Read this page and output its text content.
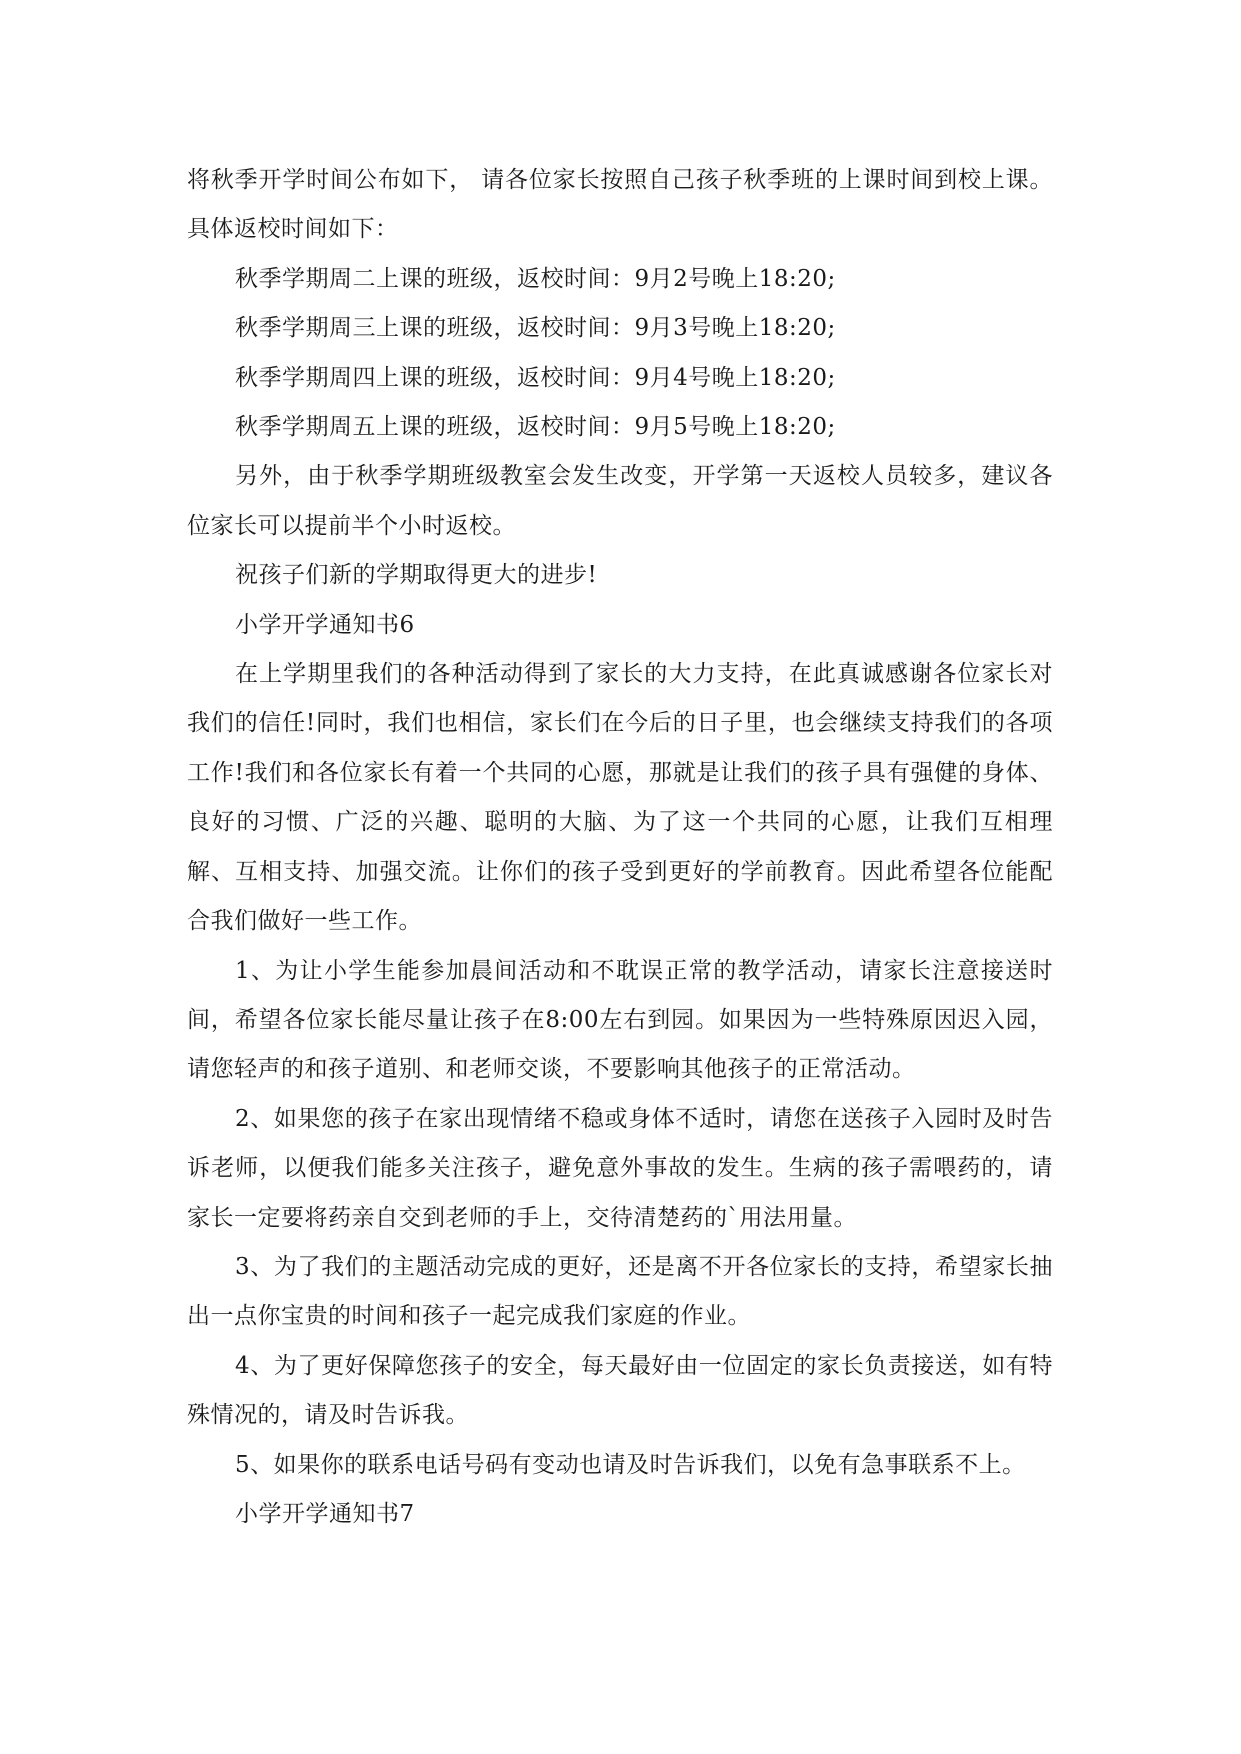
将秋季开学时间公布如下， 请各位家长按照自己孩子秋季班的上课时间到校上课。具体返校时间如下：

秋季学期周二上课的班级，返校时间：9月2号晚上18:20;

秋季学期周三上课的班级，返校时间：9月3号晚上18:20;

秋季学期周四上课的班级，返校时间：9月4号晚上18:20;

秋季学期周五上课的班级，返校时间：9月5号晚上18:20;

另外，由于秋季学期班级教室会发生改变，开学第一天返校人员较多，建议各位家长可以提前半个小时返校。

祝孩子们新的学期取得更大的进步!

小学开学通知书6

在上学期里我们的各种活动得到了家长的大力支持，在此真诚感谢各位家长对我们的信任!同时，我们也相信，家长们在今后的日子里，也会继续支持我们的各项工作!我们和各位家长有着一个共同的心愿，那就是让我们的孩子具有强健的身体、良好的习惯、广泛的兴趣、聪明的大脑、为了这一个共同的心愿，让我们互相理解、互相支持、加强交流。让你们的孩子受到更好的学前教育。因此希望各位能配合我们做好一些工作。

1、为让小学生能参加晨间活动和不耽误正常的教学活动，请家长注意接送时间，希望各位家长能尽量让孩子在8:00左右到园。如果因为一些特殊原因迟入园，请您轻声的和孩子道别、和老师交谈，不要影响其他孩子的正常活动。

2、如果您的孩子在家出现情绪不稳或身体不适时，请您在送孩子入园时及时告诉老师，以便我们能多关注孩子，避免意外事故的发生。生病的孩子需喂药的，请家长一定要将药亲自交到老师的手上，交待清楚药的`用法用量。

3、为了我们的主题活动完成的更好，还是离不开各位家长的支持，希望家长抽出一点你宝贵的时间和孩子一起完成我们家庭的作业。

4、为了更好保障您孩子的安全，每天最好由一位固定的家长负责接送，如有特殊情况的，请及时告诉我。

5、如果你的联系电话号码有变动也请及时告诉我们，以免有急事联系不上。

小学开学通知书7
